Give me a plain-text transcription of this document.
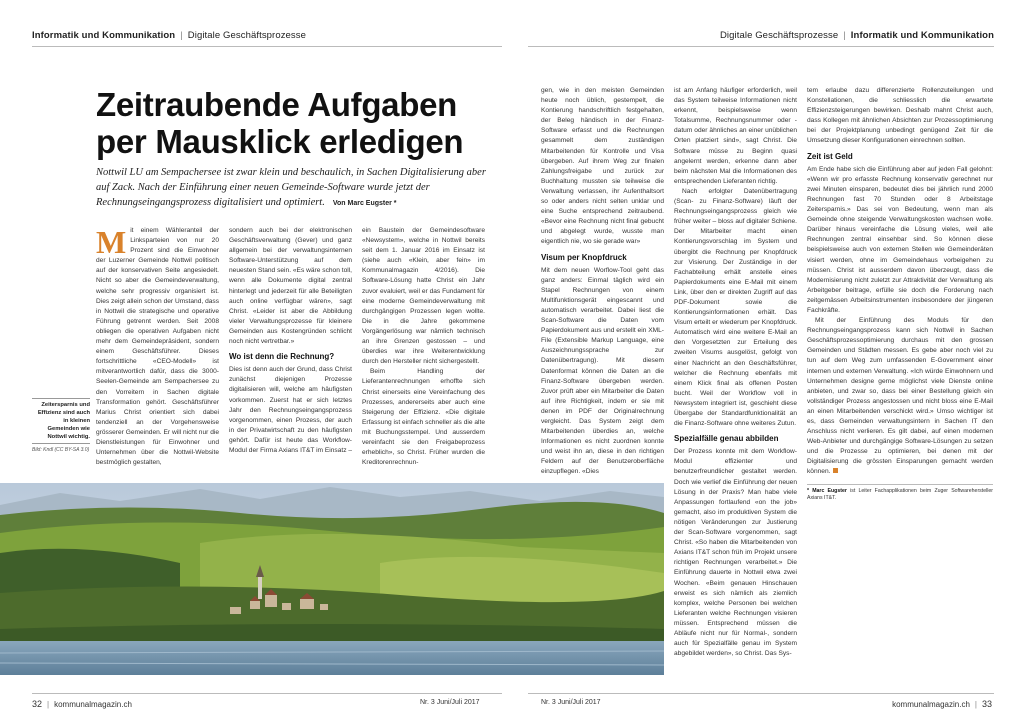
Informatik und Kommunikation | Digitale Geschäftsprozesse	Digitale Geschäftsprozesse | Informatik und Kommunikation
Zeitraubende Aufgaben
per Mausklick erledigen
Nottwil LU am Sempachersee ist zwar klein und beschaulich, in Sachen Digitalisierung aber auf Zack. Nach der Einführung einer neuen Gemeinde-Software wurde jetzt der Rechnungseingangsprozess digitalisiert und optimiert. Von Marc Eugster *

Mit einem Wähleranteil der Linksparteien von nur 20 Prozent sind die Einwohner der Luzerner Gemeinde Nottwil politisch auf der konservativen Seite angesiedelt. Nicht so aber die Gemeindeverwaltung, welche sehr progressiv organisiert ist. Dies zeigt allein schon der Umstand, dass in Nottwil die strategische und operative Führung getrennt werden. Seit 2008 obliegen die operativen Aufgaben nicht mehr dem Gemeindepräsident, sondern einem Geschäftsführer. Dieses fortschrittliche «CEO-Modell» ist mitverantwortlich dafür, dass die 3000-Seelen-Gemeinde am Sempachersee zu den Vorreitern in Sachen digitale Transformation gehört. Geschäftsführer Marius Christ orientiert sich dabei tendenziell an der Vorgehensweise grösserer Gemeinden. Er will nicht nur die Dienstleistungen für Einwohner und Unternehmen über die Nottwil-Website bestmöglich gestalten,

sondern auch bei der elektronischen Geschäftsverwaltung (Gever) und ganz allgemein bei der verwaltungsinternen Software-Unterstützung auf dem neuesten Stand sein. «Es wäre schon toll, wenn alle Dokumente digital zentral hinterlegt und jederzeit für alle Beteiligten auch online verfügbar wären», sagt Christ. «Leider ist aber die Abbildung vieler Verwaltungsprozesse für kleinere Gemeinden aus Kostengründen schlicht noch nicht vertretbar.»

Wo ist denn die Rechnung?

Dies ist denn auch der Grund, dass Christ zunächst diejenigen Prozesse digitalisieren will, welche am häufigsten vorkommen. Zuerst hat er sich letztes Jahr den Rechnungseingangsprozess vorgenommen, einen Prozess, der auch in der Privatwirtschaft zu den häufigsten gehört. Dafür ist heute das Workflow-Modul der Firma Axians IT&T im Einsatz –

ein Baustein der Gemeindesoftware «Newsystem», welche in Nottwil bereits seit dem 1. Januar 2016 im Einsatz ist (siehe auch «Klein, aber fein» im Kommunalmagazin 4/2016). Die Software-Lösung hatte Christ ein Jahr zuvor evaluiert, weil er das Fundament für eine moderne Gemeindeverwaltung mit durchgängigen Prozessen legen wollte. Die in die Jahre gekommene Vorgängerlösung war nämlich technisch an ihre Grenzen gestossen – und überdies war ihre Weiterentwicklung durch den Hersteller nicht sichergestellt.

Beim Handling der Lieferantenrechnungen erhoffte sich Christ einerseits eine Vereinfachung des Prozesses, andererseits aber auch eine Steigerung der Effizienz. «Die digitale Erfassung ist einfach schneller als die alte mit Buchungsstempel. Und ausserdem vereinfacht sie den Freigabeprozess erheblich», so Christ. Früher wurden die Kreditorenrechnun-

gen, wie in den meisten Gemeinden heute noch üblich, gestempelt, die Kontierung handschriftlich festgehalten, der Beleg händisch in der Finanz-Software erfasst und die Rechnungen gesammelt dem zuständigen Mitarbeitenden für Kontrolle und Visa übergeben. Auf ihrem Weg zur finalen Zahlungsfreigabe und zurück zur Buchhaltung mussten sie teilweise die Verwaltung verlassen, ihr Aufenthaltsort so oder anders nicht selten unklar und eine Suche entsprechend zeitraubend. «Bevor eine Rechnung nicht final gebucht und abgelegt wurde, wusste man eigentlich nie, wo sie gerade war»

Visum per Knopfdruck

Mit dem neuen Worflow-Tool geht das ganz anders: Einmal täglich wird ein Stapel Rechnungen von einem Multifunktionsgerät eingescannt und automatisch verarbeitet. Dabei liest die Scan-Software die Daten vom Papierdokument aus und erstellt ein XML-File (Extensible Markup Language, eine Auszeichnungssprache zur Datenübertragung). Mit diesem Datenformat können die Daten an die Finanz-Software übergeben werden. Zuvor prüft aber ein Mitarbeiter die Daten auf ihre Richtigkeit, indem er sie mit denen im PDF der Originalrechnung vergleicht. Das System zeigt dem Mitarbeitenden überdies an, welche Informationen es nicht zuordnen konnte und weist ihn an, diese in den richtigen Feldern auf der Benutzeroberfläche einzupflegen. «Dies

ist am Anfang häufiger erforderlich, weil das System teilweise Informationen nicht erkennt, beispielsweise wenn Totalsumme, Rechnungsnummer oder -datum oder ähnliches an einer unüblichen Orten platziert sind», sagt Christ. Die Software müsse zu Beginn quasi angelernt werden, erkenne dann aber beim nächsten Mal die Informationen des entsprechenden Lieferanten richtig.

Nach erfolgter Datenübertragung (Scan- zu Finanz-Software) läuft der Rechnungseingangsprozess gleich wie früher weiter – bloss auf digitaler Schiene. Der Mitarbeiter macht einen Kontierungsvorschlag im System und übergibt die Rechnung per Knopfdruck zur Visierung. Der Zuständige in der Fachabteilung erhält anstelle eines Papierdokuments eine E-Mail mit einem Link, über den er direkten Zugriff auf das PDF-Dokument sowie die Kontierungsinformationen erhält. Das Visum erteilt er wiederum per Knopfdruck. Automatisch wird eine weitere E-Mail an den Vorgesetzten zur Erteilung des zweiten Visums ausgelöst, gefolgt von einer Nachricht an den Geschäftsführer, welcher die Rechnung ebenfalls mit einem Klick final als offenen Posten bucht. Weil der Workflow voll in Newsystem integriert ist, geschieht diese Übergabe der Standardfunktionalität an die Finanz-Software ohne weiteres Zutun.

Spezialfälle genau abbilden

Der Prozess konnte mit dem Workflow-Modul effizienter und benutzerfreundlicher gestaltet werden. Doch wie verlief die Einführung der neuen Lösung in der Praxis? Man habe viele Anpassungen fortlaufend «on the job» gemacht, also im produktiven System die nötigen Veränderungen zur Justierung der Scan-Software vorgenommen, sagt Christ. «So haben die Mitarbeitenden von Axians IT&T schon früh im Projekt unsere richtigen Rechnungen verarbeitet.» Die Einführung dauerte in Nottwil etwa zwei Wochen. «Beim genauen Hinschauen erweist es sich nämlich als ziemlich komplex, welche Personen bei welchen Lieferanten welche Rechnungen visieren müssen. Entsprechend müssen die Abläufe nicht nur für Normal-, sondern auch für Spezialfälle genau im System abgebildet werden», so Christ. Das Sys-

tem erlaube dazu differenzierte Rollenzuteilungen und Konstellationen, die schliesslich die erwartete Effizienzsteigerungen bewirken. Deshalb mahnt Christ auch, dass Kollegen mit ähnlichen Absichten zur Prozessoptimierung bei der Projektplanung unbedingt genügend Zeit für die Umsetzung dieser Konfigurationen einrechnen sollten.

Zeit ist Geld

Am Ende habe sich die Einführung aber auf jeden Fall gelohnt: «Wenn wir pro erfasste Rechnung konservativ gerechnet nur zwei Minuten einsparen, bedeutet dies bei jährlich rund 2000 Rechnungen fast 70 Stunden oder 8 Arbeitstage Zeitersparnis.» Das sei von Bedeutung, wenn man als Gemeinde ohne steigende Verwaltungskosten wachsen wolle. Darüber hinaus vereinfache die Lösung vieles, weil alle Rechnungen zentral einsehbar sind. So können diese beispielsweise auch von externen Stellen wie Gemeinderäten visiert werden, ohne im Gemeindehaus vorbeigehen zu müssen. Christ ist ausserdem davon überzeugt, dass die Modernisierung nicht zuletzt zur Attraktivität der Verwaltung als Arbeitgeber beitrage, erfülle sie doch die Forderung nach zeitgemässen Arbeitsinstrumenten insbesondere der jüngeren Fachkräfte.

Mit der Einführung des Moduls für den Rechnungseingangsprozess kann sich Nottwil in Sachen Geschäftsprozessoptimierung durchaus mit den grossen Gemeinden und Städten messen. Es gebe aber noch viel zu tun auf dem Weg zum umfassenden E-Government einer internen und externen Verwaltung. «Ich würde Einwohnern und Unternehmen designe gerne möglichst viele Dienste online anbieten, und zwar so, dass bei einer Bestellung gleich ein vollständiger Prozess angestossen und nicht bloss eine E-Mail an einen Mitarbeitenden verschickt wird.» Umso wichtiger ist es, dass Gemeinden verwaltungsintern in Sachen IT den Anschluss nicht verlieren. Es gilt dabei, auf einen modernen Web-Anbieter und durchgängige Software-Lösungen zu setzen und die Prozesse zu optimieren, bei denen mit der Digitalisierung die grössten Einsparungen gemacht werden können.

* Marc Eugster ist Leiter Fachapplikationen beim Zuger Softwarehersteller Axians IT&T.
Zeitersparnis und Effizienz sind auch in kleinen Gemeinden wie Nottwil wichtig.
Bild: Kndl (CC BY-SA 3.0)
32 | kommunalmagazin.ch	Nr. 3 Juni/Juli 2017	Nr. 3 Juni/Juli 2017	kommunalmagazin.ch | 33
